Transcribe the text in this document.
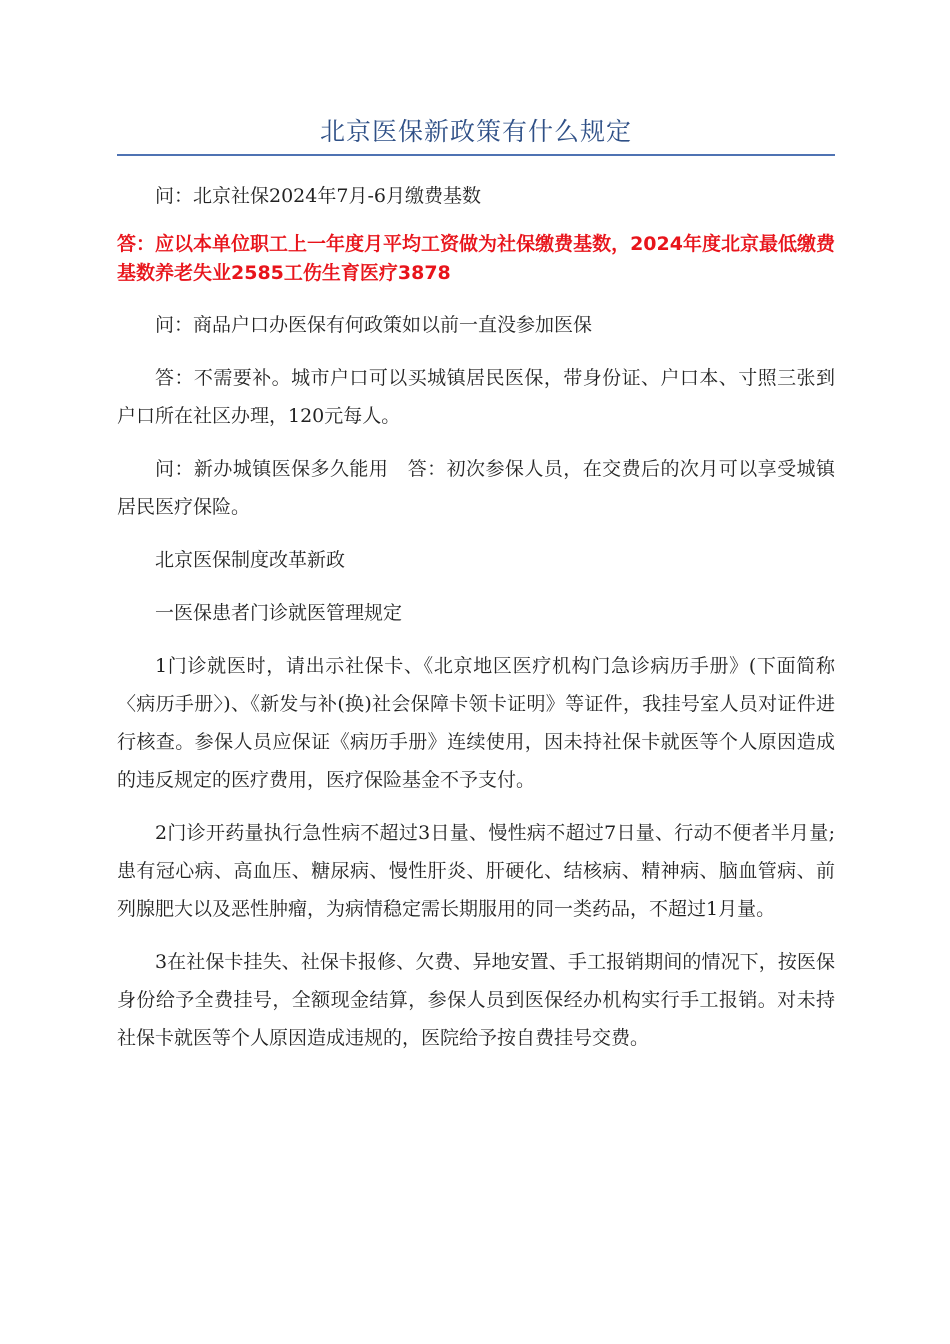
北京医保新政策有什么规定

问：北京社保2024年7月-6月缴费基数

答：应以本单位职工上一年度月平均工资做为社保缴费基数，2024年度北京最低缴费基数养老失业2585工伤生育医疗3878

问：商品户口办医保有何政策如以前一直没参加医保

答：不需要补。城市户口可以买城镇居民医保，带身份证、户口本、寸照三张到户口所在社区办理，120元每人。

问：新办城镇医保多久能用　答：初次参保人员，在交费后的次月可以享受城镇居民医疗保险。

北京医保制度改革新政

一医保患者门诊就医管理规定

1门诊就医时，请出示社保卡、《北京地区医疗机构门急诊病历手册》(下面简称〈病历手册〉)、《新发与补(换)社会保障卡领卡证明》等证件，我挂号室人员对证件进行核查。参保人员应保证《病历手册》连续使用，因未持社保卡就医等个人原因造成的违反规定的医疗费用，医疗保险基金不予支付。

2门诊开药量执行急性病不超过3日量、慢性病不超过7日量、行动不便者半月量;患有冠心病、高血压、糖尿病、慢性肝炎、肝硬化、结核病、精神病、脑血管病、前列腺肥大以及恶性肿瘤，为病情稳定需长期服用的同一类药品，不超过1月量。

3在社保卡挂失、社保卡报修、欠费、异地安置、手工报销期间的情况下，按医保身份给予全费挂号，全额现金结算，参保人员到医保经办机构实行手工报销。对未持社保卡就医等个人原因造成违规的，医院给予按自费挂号交费。
